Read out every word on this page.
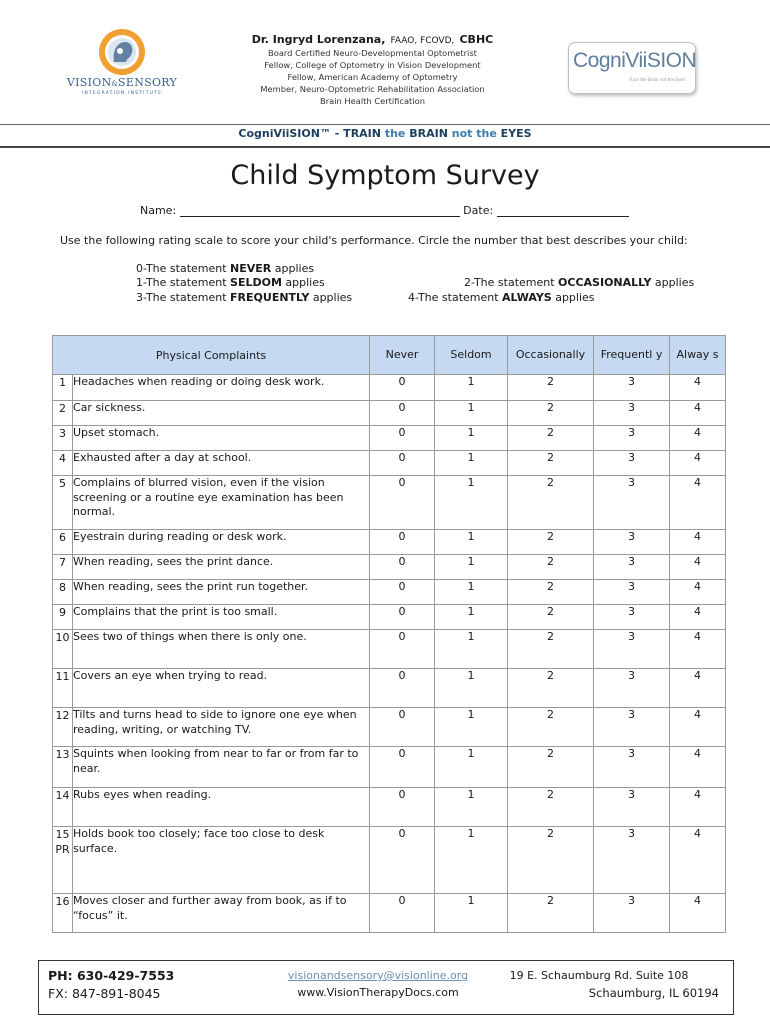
VISION&SENSORY
INTEGRATION INSTITUTE
Dr. Ingryd Lorenzana, FAAO, FCOVD, CBHC
Board Certified Neuro-Developmental Optometrist
Fellow, College of Optometry in Vision Development
Fellow, American Academy of Optometry
Member, Neuro-Optometric Rehabilitation Association
Brain Health Certification
CogniViiSION
Train the Brain not the Eyes
CogniViiSION™ - TRAIN the BRAIN not the EYES
Child Symptom Survey
Name:	Date:
Use the following rating scale to score your child's performance. Circle the number that best describes your child:
0-The statement NEVER applies
1-The statement SELDOM applies	2-The statement OCCASIONALLY applies
3-The statement FREQUENTLY applies	4-The statement ALWAYS applies
Physical Complaints		Never	Seldom	Occasionally	Frequentl y	Alway s
1	Headaches when reading or doing desk work.	0	1	2	3	4
2	Car sickness.	0	1	2	3	4
3	Upset stomach.	0	1	2	3	4
4	Exhausted after a day at school.	0	1	2	3	4
5	Complains of blurred vision, even if the vision screening or a routine eye examination has been normal.	0	1	2	3	4
6	Eyestrain during reading or desk work.	0	1	2	3	4
7	When reading, sees the print dance.	0	1	2	3	4
8	When reading, sees the print run together.	0	1	2	3	4
9	Complains that the print is too small.	0	1	2	3	4
10	Sees two of things when there is only one.	0	1	2	3	4
11	Covers an eye when trying to read.	0	1	2	3	4
12	Tilts and turns head to side to ignore one eye when reading, writing, or watching TV.	0	1	2	3	4
13	Squints when looking from near to far or from far to near.	0	1	2	3	4
14	Rubs eyes when reading.	0	1	2	3	4
15PR	Holds book too closely; face too close to desk surface.	0	1	2	3	4
16	Moves closer and further away from book, as if to “focus” it.	0	1	2	3	4
PH: 630-429-7553
FX: 847-891-8045
visionandsensory@visionline.org
www.VisionTherapyDocs.com
19 E. Schaumburg Rd. Suite 108
Schaumburg, IL 60194
